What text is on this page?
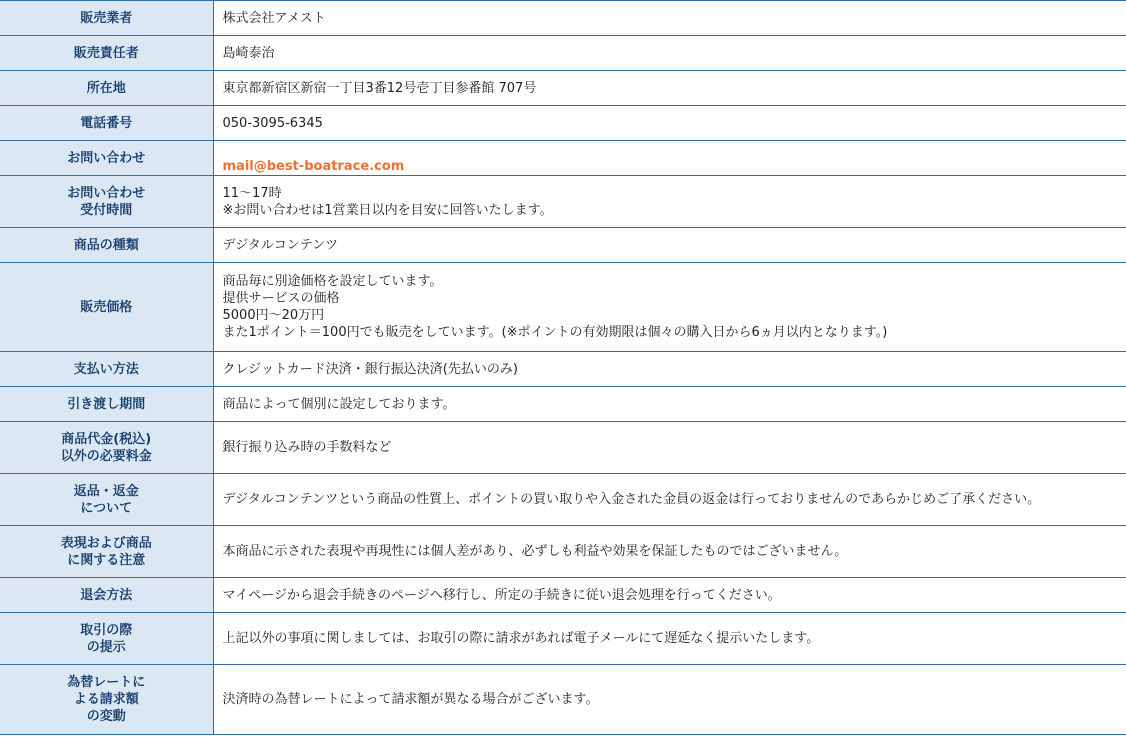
販売業者	株式会社アメスト
販売責任者	島崎泰治
所在地	東京都新宿区新宿一丁目3番12号壱丁目参番館 707号
電話番号	050-3095-6345
お問い合わせ	mail@best-boatrace.com

お問い合わせ
受付時間	11～17時
※お問い合わせは1営業日以内を目安に回答いたします。
商品の種類	デジタルコンテンツ
販売価格	商品毎に別途価格を設定しています。
提供サービスの価格
5000円～20万円
また1ポイント＝100円でも販売をしています。(※ポイントの有効期限は個々の購入日から6ヵ月以内となります。)
支払い方法	クレジットカード決済・銀行振込決済(先払いのみ)
引き渡し期間	商品によって個別に設定しております。
商品代金(税込)
以外の必要料金	銀行振り込み時の手数料など
返品・返金
について	デジタルコンテンツという商品の性質上、ポイントの買い取りや入金された金員の返金は行っておりませんのであらかじめご了承ください。
表現および商品
に関する注意	本商品に示された表現や再現性には個人差があり、必ずしも利益や効果を保証したものではございません。
退会方法	マイページから退会手続きのページへ移行し、所定の手続きに従い退会処理を行ってください。
取引の際
の提示	上記以外の事項に関しましては、お取引の際に請求があれば電子メールにて遅延なく提示いたします。
為替レートに
よる請求額
の変動	決済時の為替レートによって請求額が異なる場合がございます。
